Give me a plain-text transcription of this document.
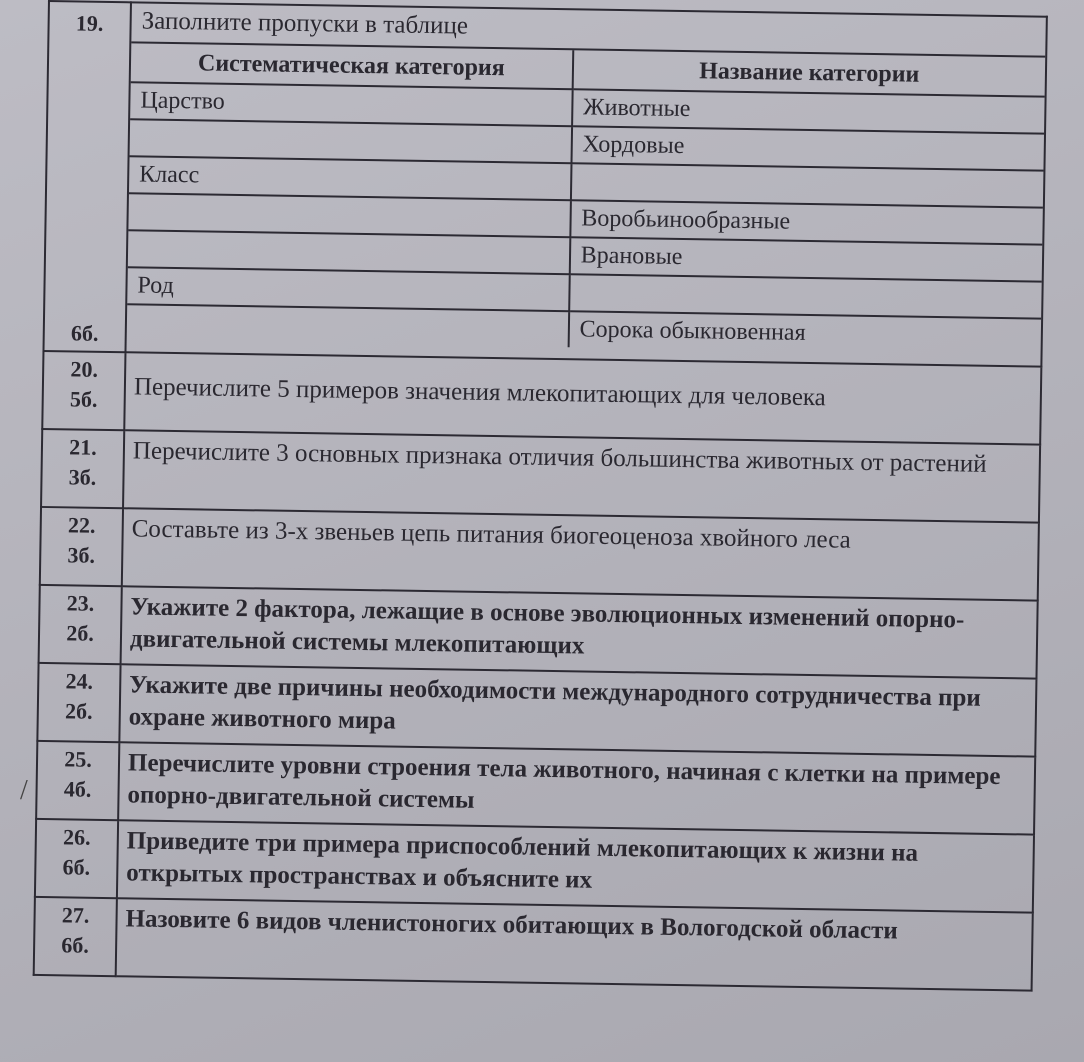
19.
6б.

Заполните пропуски в таблице
Систематическая категория	Название категории
Царство	Животные
	Хордовые
Класс	
	Воробьинообразные
	Врановые
Род	
	Сорока обыкновенная

20.
5б.	Перечислите 5 примеров значения млекопитающих для человека

21.
3б.	Перечислите 3 основных признака отличия большинства животных от растений

22.
3б.
	Составьте из 3-х звеньев цепь питания биогеоценоза хвойного леса

23.
2б.	Укажите 2 фактора, лежащие в основе эволюционных изменений опорно-двигательной системы млекопитающих

24.
2б.	Укажите две причины необходимости международного сотрудничества при охране животного мира

25.
4б.	Перечислите уровни строения тела животного, начиная с клетки на примере опорно-двигательной системы

26.
6б.
	Приведите три примера приспособлений млекопитающих к жизни на открытых пространствах и объясните их

27.
6б.
	Назовите 6 видов членистоногих обитающих в Вологодской области
/
